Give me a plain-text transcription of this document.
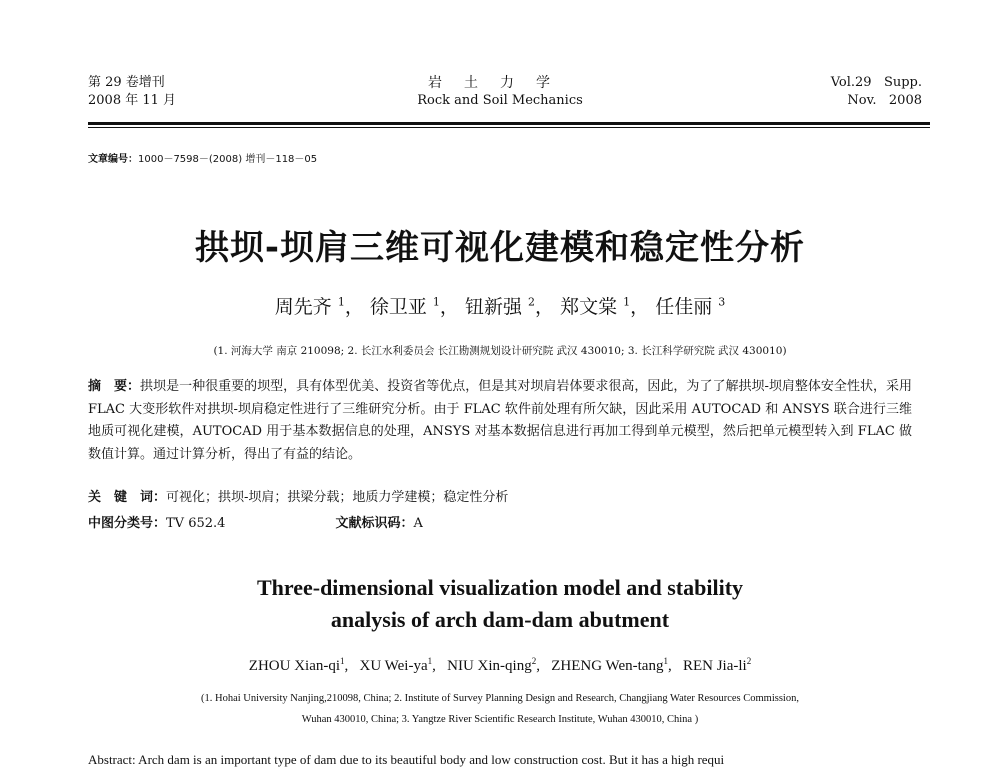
第 29 卷增刊
2008 年 11 月
岩土力学
Rock and Soil Mechanics
Vol.29   Supp.
Nov.   2008
文章编号：1000－7598－(2008) 增刊－118－05
拱坝-坝肩三维可视化建模和稳定性分析
周先齐 $^1$， 徐卫亚 $^1$， 钮新强 $^2$， 郑文棠 $^1$， 任佳丽 $^3$
(1. 河海大学 南京 210098; 2. 长江水利委员会 长江勘测规划设计研究院 武汉 430010; 3. 长江科学研究院 武汉 430010)
摘　要：拱坝是一种很重要的坝型，具有体型优美、投资省等优点，但是其对坝肩岩体要求很高，因此，为了了解拱坝-坝肩整体安全性状，采用 FLAC 大变形软件对拱坝-坝肩稳定性进行了三维研究分析。由于 FLAC 软件前处理有所欠缺，因此采用 AUTOCAD 和 ANSYS 联合进行三维地质可视化建模，AUTOCAD 用于基本数据信息的处理，ANSYS 对基本数据信息进行再加工得到单元模型，然后把单元模型转入到 FLAC 做数值计算。通过计算分析，得出了有益的结论。
关　键　词：可视化；拱坝-坝肩；拱梁分载；地质力学建模；稳定性分析
中图分类号：TV 652.4	文献标识码：A
Three-dimensional visualization model and stability
analysis of arch dam-dam abutment
ZHOU Xian-$qi^1$,   XU Wei-$ya^1$,   NIU Xin-qing$^2$,   ZHENG Wen-tang$^1$,   REN Jia-$li^2$
(1. Hohai University Nanjing,210098, China; 2. Institute of Survey Planning Design and Research, Changjiang Water Resources Commission,
Wuhan 430010, China; 3. Yangtze River Scientific Research Institute, Wuhan 430010, China )
Abstract: Arch dam is an important type of dam due to its beautiful body and low construction cost. But it has a high requi
